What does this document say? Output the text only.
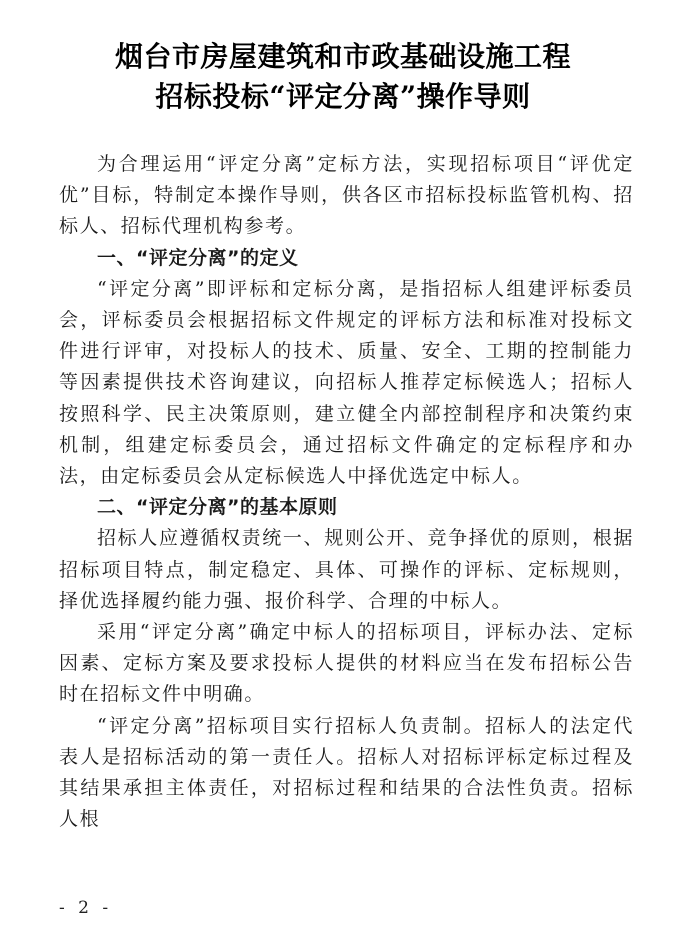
烟台市房屋建筑和市政基础设施工程
招标投标“评定分离”操作导则

为合理运用“评定分离”定标方法，实现招标项目“评优定优”目标，特制定本操作导则，供各区市招标投标监管机构、招标人、招标代理机构参考。

一、“评定分离”的定义

“评定分离”即评标和定标分离，是指招标人组建评标委员会，评标委员会根据招标文件规定的评标方法和标准对投标文件进行评审，对投标人的技术、质量、安全、工期的控制能力等因素提供技术咨询建议，向招标人推荐定标候选人；招标人按照科学、民主决策原则，建立健全内部控制程序和决策约束机制，组建定标委员会，通过招标文件确定的定标程序和办法，由定标委员会从定标候选人中择优选定中标人。

二、“评定分离”的基本原则

招标人应遵循权责统一、规则公开、竞争择优的原则，根据招标项目特点，制定稳定、具体、可操作的评标、定标规则，择优选择履约能力强、报价科学、合理的中标人。

采用“评定分离”确定中标人的招标项目，评标办法、定标因素、定标方案及要求投标人提供的材料应当在发布招标公告时在招标文件中明确。

“评定分离”招标项目实行招标人负责制。招标人的法定代表人是招标活动的第一责任人。招标人对招标评标定标过程及其结果承担主体责任，对招标过程和结果的合法性负责。招标人根

- 2 -
